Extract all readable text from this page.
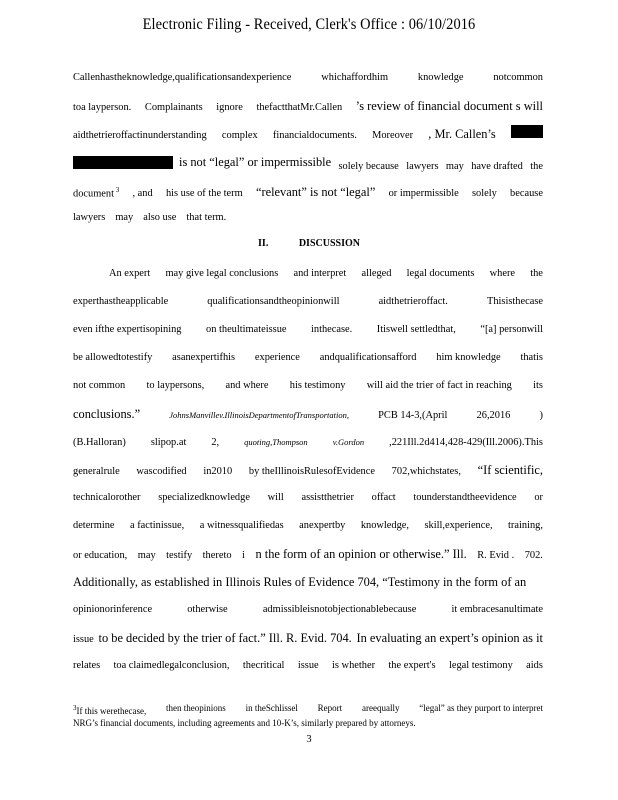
Electronic Filing - Received, Clerk's Office : 06/10/2016
Callenhastheknowledge,qualificationsandexperience	whichaffordhim	knowledge	notcommon
toa layperson. Complainants ignore thefactthatMr.Callen ’s review of financial document s will
aidthetrieroffactinunderstanding complex financialdocuments. Moreover , Mr. Callen’s
is not “legal” or impermissible solely because lawyers may have drafted the
document $^3$ , and his use of the term “relevant” is not “legal” or impermissible solely because
lawyers may also use that term.
II.	DISCUSSION
An expert may give legal conclusions and interpret alleged legal documents where the
experthastheapplicable	qualificationsandtheopinionwill	aidthetrieroffact.	Thisisthecase
even ifthe expertisopining on theultimateissue inthecase. Itiswell settledthat, “[a] personwill
be allowedtotestify asanexpertifhis experience andqualificationsafford him knowledge thatis
not common to laypersons, and where his testimony will aid the trier of fact in reaching its
conclusions.”	JohnsManvillev.IllinoisDepartmentofTransportation,	PCB 14-3,(April	26,2016	)
(B.Halloran) slipop.at 2,	quoting,Thompson	v.Gordon ,221Ill.2d414,428-429(Ill.2006).This
generalrule wascodified in2010 by theIllinoisRulesofEvidence 702,whichstates, “If scientific,
technicalorother specializedknowledge will assistthetrier offact tounderstandtheevidence or
determine a factinissue, a witnessqualifiedas anexpertby knowledge, skill,experience, training,
or education, may testify thereto i n the form of an opinion or otherwise.” Ill. R. Evid . 702.
Additionally, as established in Illinois Rules of Evidence 704, “Testimony in the form of an
opinionorinference	otherwise	admissibleisnotobjectionablebecause	it embracesanultimate
issue to be decided by the trier of fact.” Ill. R. Evid. 704. In evaluating an expert’s opinion as it
relates toa claimedlegalconclusion, thecritical issue is whether the expert's legal testimony aids
$^3$If this werethecase, then theopinions in theSchlissel Report areequally “legal” as they purport to interpret
NRG’s financial documents, including agreements and 10-K’s, similarly prepared by attorneys.
3
